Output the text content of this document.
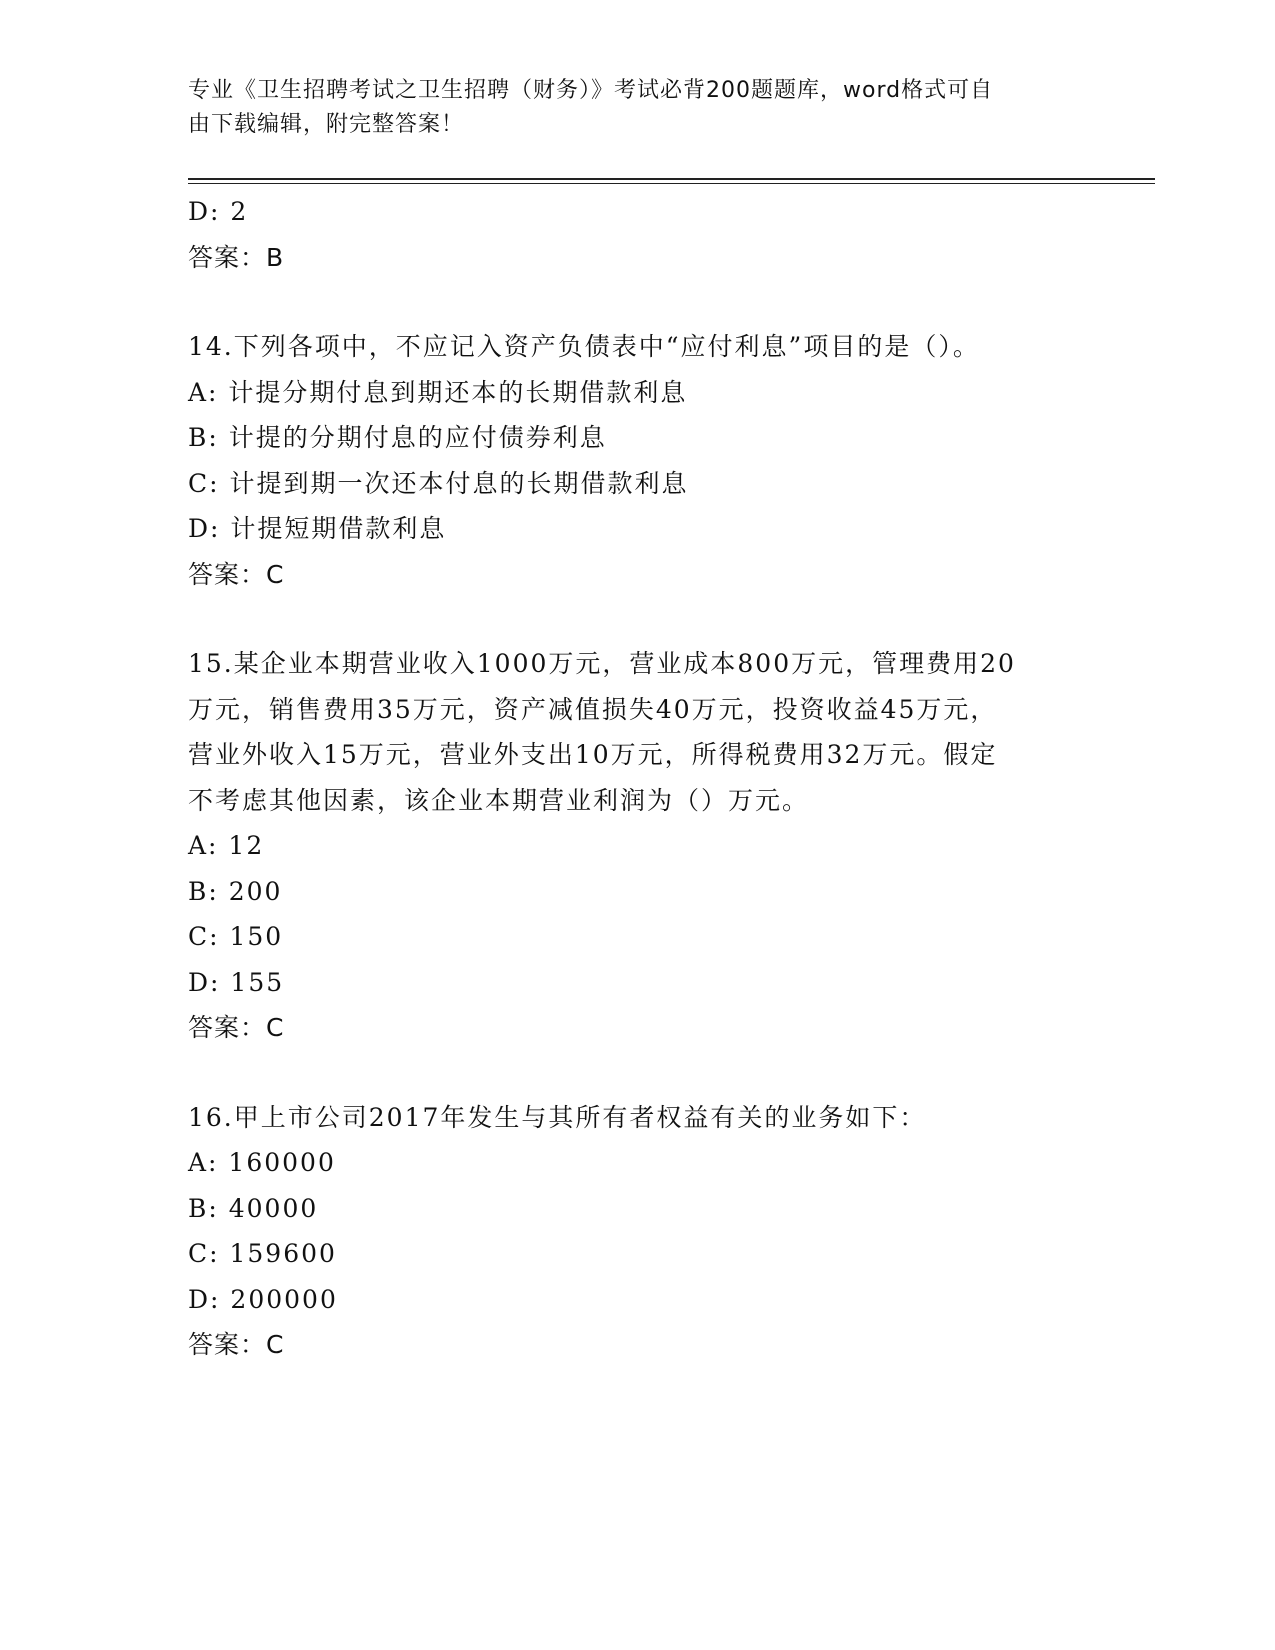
专业《卫生招聘考试之卫生招聘（财务）》考试必背200题题库，word格式可自
由下载编辑，附完整答案！
D: 2
答案：B
14.下列各项中，不应记入资产负债表中“应付利息”项目的是（）。
A: 计提分期付息到期还本的长期借款利息
B: 计提的分期付息的应付债券利息
C: 计提到期一次还本付息的长期借款利息
D: 计提短期借款利息
答案：C
15.某企业本期营业收入1000万元，营业成本800万元，管理费用20
万元，销售费用35万元，资产减值损失40万元，投资收益45万元，
营业外收入15万元，营业外支出10万元，所得税费用32万元。假定
不考虑其他因素，该企业本期营业利润为（）万元。
A: 12
B: 200
C: 150
D: 155
答案：C
16.甲上市公司2017年发生与其所有者权益有关的业务如下：
A: 160000
B: 40000
C: 159600
D: 200000
答案：C
